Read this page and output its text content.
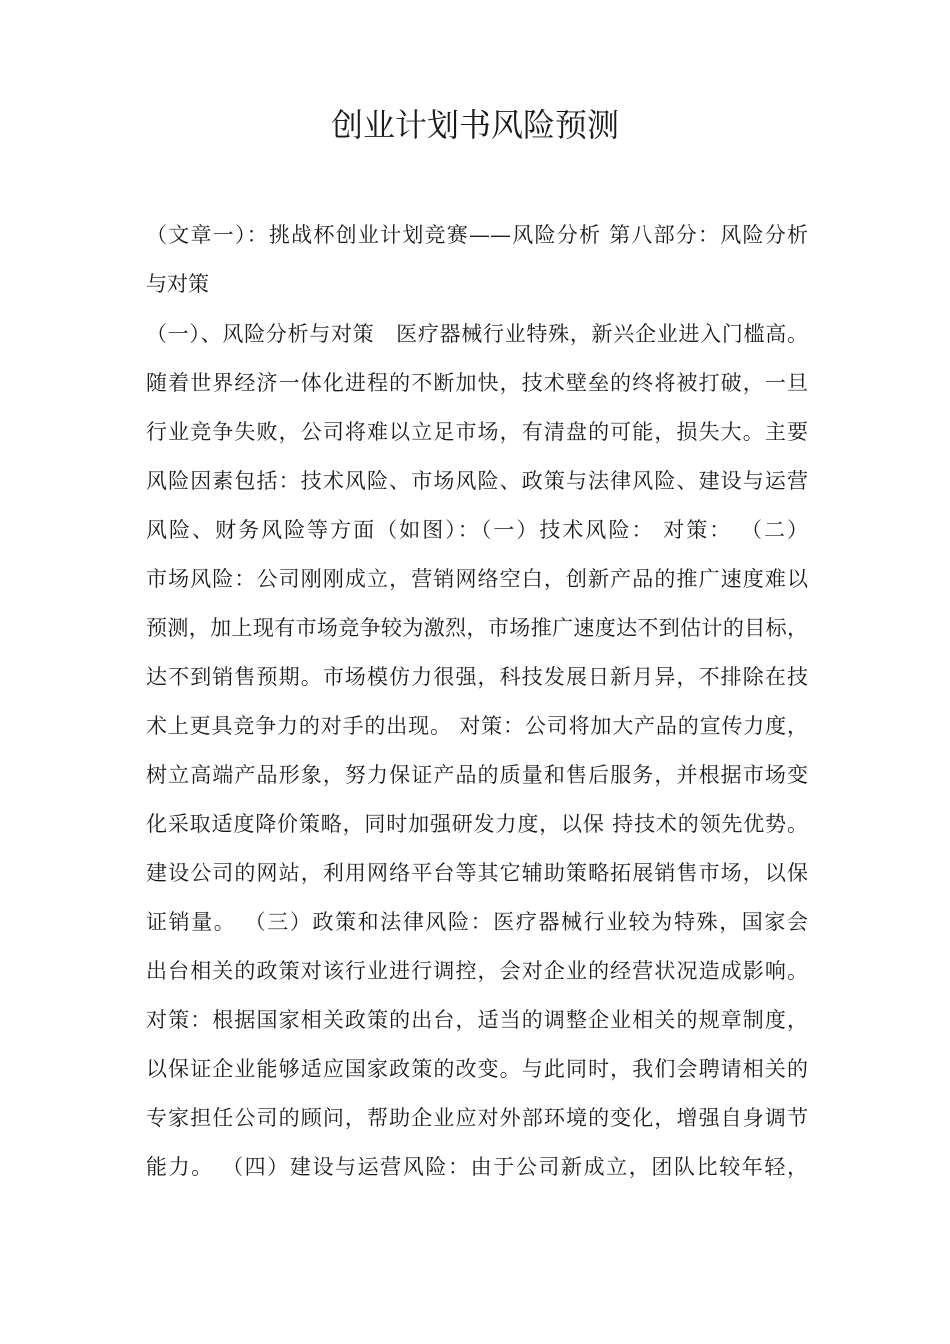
创业计划书风险预测
（文章一）：挑战杯创业计划竞赛——风险分析 第八部分：风险分析
与对策
（一）、风险分析与对策　医疗器械行业特殊，新兴企业进入门槛高。
随着世界经济一体化进程的不断加快，技术壁垒的终将被打破，一旦
行业竞争失败，公司将难以立足市场，有清盘的可能，损失大。主要
风险因素包括：技术风险、市场风险、政策与法律风险、建设与运营
风险、财务风险等方面（如图）：（一）技术风险： 对策： （二）
市场风险：公司刚刚成立，营销网络空白，创新产品的推广速度难以
预测，加上现有市场竞争较为激烈，市场推广速度达不到估计的目标，
达不到销售预期。市场模仿力很强，科技发展日新月异，不排除在技
术上更具竞争力的对手的出现。 对策：公司将加大产品的宣传力度，
树立高端产品形象，努力保证产品的质量和售后服务，并根据市场变
化采取适度降价策略，同时加强研发力度，以保 持技术的领先优势。
建设公司的网站，利用网络平台等其它辅助策略拓展销售市场，以保
证销量。 （三）政策和法律风险：医疗器械行业较为特殊，国家会
出台相关的政策对该行业进行调控，会对企业的经营状况造成影响。
对策：根据国家相关政策的出台，适当的调整企业相关的规章制度，
以保证企业能够适应国家政策的改变。与此同时，我们会聘请相关的
专家担任公司的顾问，帮助企业应对外部环境的变化，增强自身调节
能力。 （四）建设与运营风险：由于公司新成立，团队比较年轻，
